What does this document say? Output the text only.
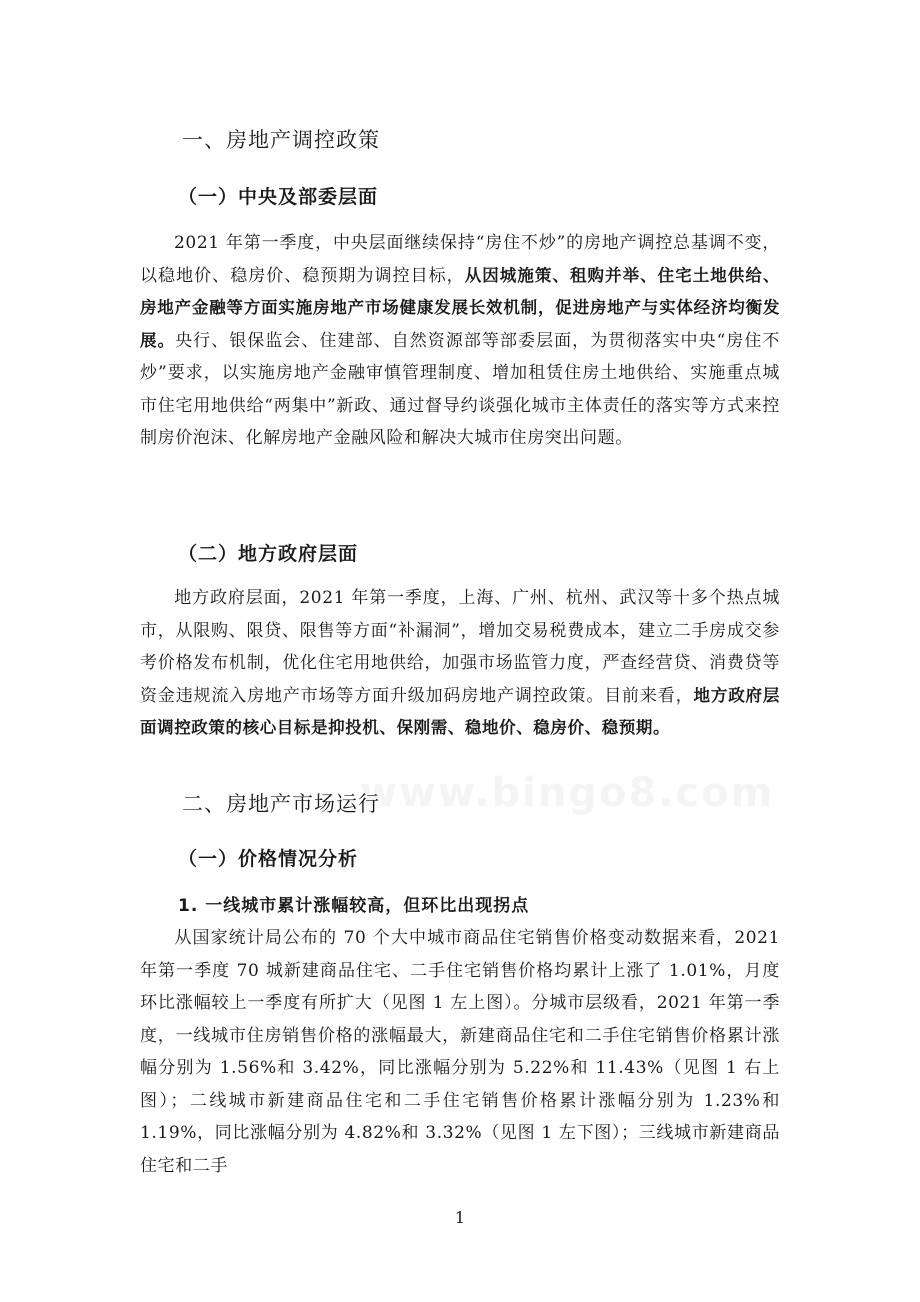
一、房地产调控政策
（一）中央及部委层面

2021 年第一季度，中央层面继续保持“房住不炒”的房地产调控总基调不变，以稳地价、稳房价、稳预期为调控目标，从因城施策、租购并举、住宅土地供给、房地产金融等方面实施房地产市场健康发展长效机制，促进房地产与实体经济均衡发展。央行、银保监会、住建部、自然资源部等部委层面，为贯彻落实中央“房住不炒”要求，以实施房地产金融审慎管理制度、增加租赁住房土地供给、实施重点城市住宅用地供给“两集中”新政、通过督导约谈强化城市主体责任的落实等方式来控制房价泡沫、化解房地产金融风险和解决大城市住房突出问题。

（二）地方政府层面

地方政府层面，2021 年第一季度，上海、广州、杭州、武汉等十多个热点城市，从限购、限贷、限售等方面“补漏洞”，增加交易税费成本，建立二手房成交参考价格发布机制，优化住宅用地供给，加强市场监管力度，严查经营贷、消费贷等资金违规流入房地产市场等方面升级加码房地产调控政策。目前来看，地方政府层面调控政策的核心目标是抑投机、保刚需、稳地价、稳房价、稳预期。

www.bingo8.com
二、房地产市场运行
（一）价格情况分析
1. 一线城市累计涨幅较高，但环比出现拐点

从国家统计局公布的 70 个大中城市商品住宅销售价格变动数据来看，2021 年第一季度 70 城新建商品住宅、二手住宅销售价格均累计上涨了 1.01%，月度环比涨幅较上一季度有所扩大（见图 1 左上图）。分城市层级看，2021 年第一季度，一线城市住房销售价格的涨幅最大，新建商品住宅和二手住宅销售价格累计涨幅分别为 1.56%和 3.42%，同比涨幅分别为 5.22%和 11.43%（见图 1 右上图）；二线城市新建商品住宅和二手住宅销售价格累计涨幅分别为 1.23%和 1.19%，同比涨幅分别为 4.82%和 3.32%（见图 1 左下图）；三线城市新建商品住宅和二手

1
